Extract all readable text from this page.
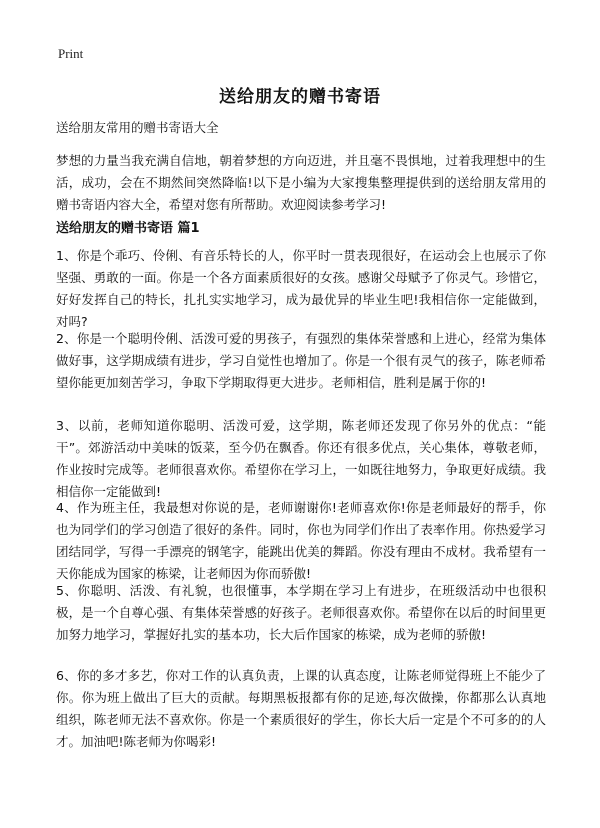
Print
送给朋友的赠书寄语
送给朋友常用的赠书寄语大全
梦想的力量当我充满自信地，朝着梦想的方向迈进，并且毫不畏惧地，过着我理想中的生活，成功，会在不期然间突然降临!以下是小编为大家搜集整理提供到的送给朋友常用的赠书寄语内容大全，希望对您有所帮助。欢迎阅读参考学习!
送给朋友的赠书寄语 篇1
1、你是个乖巧、伶俐、有音乐特长的人，你平时一贯表现很好，在运动会上也展示了你坚强、勇敢的一面。你是一个各方面素质很好的女孩。感谢父母赋予了你灵气。珍惜它，好好发挥自己的特长，扎扎实实地学习，成为最优异的毕业生吧!我相信你一定能做到，对吗?
2、你是一个聪明伶俐、活泼可爱的男孩子，有强烈的集体荣誉感和上进心，经常为集体做好事，这学期成绩有进步，学习自觉性也增加了。你是一个很有灵气的孩子，陈老师希望你能更加刻苦学习，争取下学期取得更大进步。老师相信，胜利是属于你的!
3、以前，老师知道你聪明、活泼可爱，这学期，陈老师还发现了你另外的优点：“能干”。郊游活动中美味的饭菜，至今仍在飘香。你还有很多优点，关心集体，尊敬老师，作业按时完成等。老师很喜欢你。希望你在学习上，一如既往地努力，争取更好成绩。我相信你一定能做到!
4、作为班主任，我最想对你说的是，老师谢谢你!老师喜欢你!你是老师最好的帮手，你也为同学们的学习创造了很好的条件。同时，你也为同学们作出了表率作用。你热爱学习团结同学，写得一手漂亮的钢笔字，能跳出优美的舞蹈。你没有理由不成材。我希望有一天你能成为国家的栋梁，让老师因为你而骄傲!
5、你聪明、活泼、有礼貌，也很懂事，本学期在学习上有进步，在班级活动中也很积极，是一个自尊心强、有集体荣誉感的好孩子。老师很喜欢你。希望你在以后的时间里更加努力地学习，掌握好扎实的基本功，长大后作国家的栋梁，成为老师的骄傲!
6、你的多才多艺，你对工作的认真负责，上课的认真态度，让陈老师觉得班上不能少了你。你为班上做出了巨大的贡献。每期黑板报都有你的足迹,每次做操，你都那么认真地组织，陈老师无法不喜欢你。你是一个素质很好的学生，你长大后一定是个不可多的的人才。加油吧!陈老师为你喝彩!
